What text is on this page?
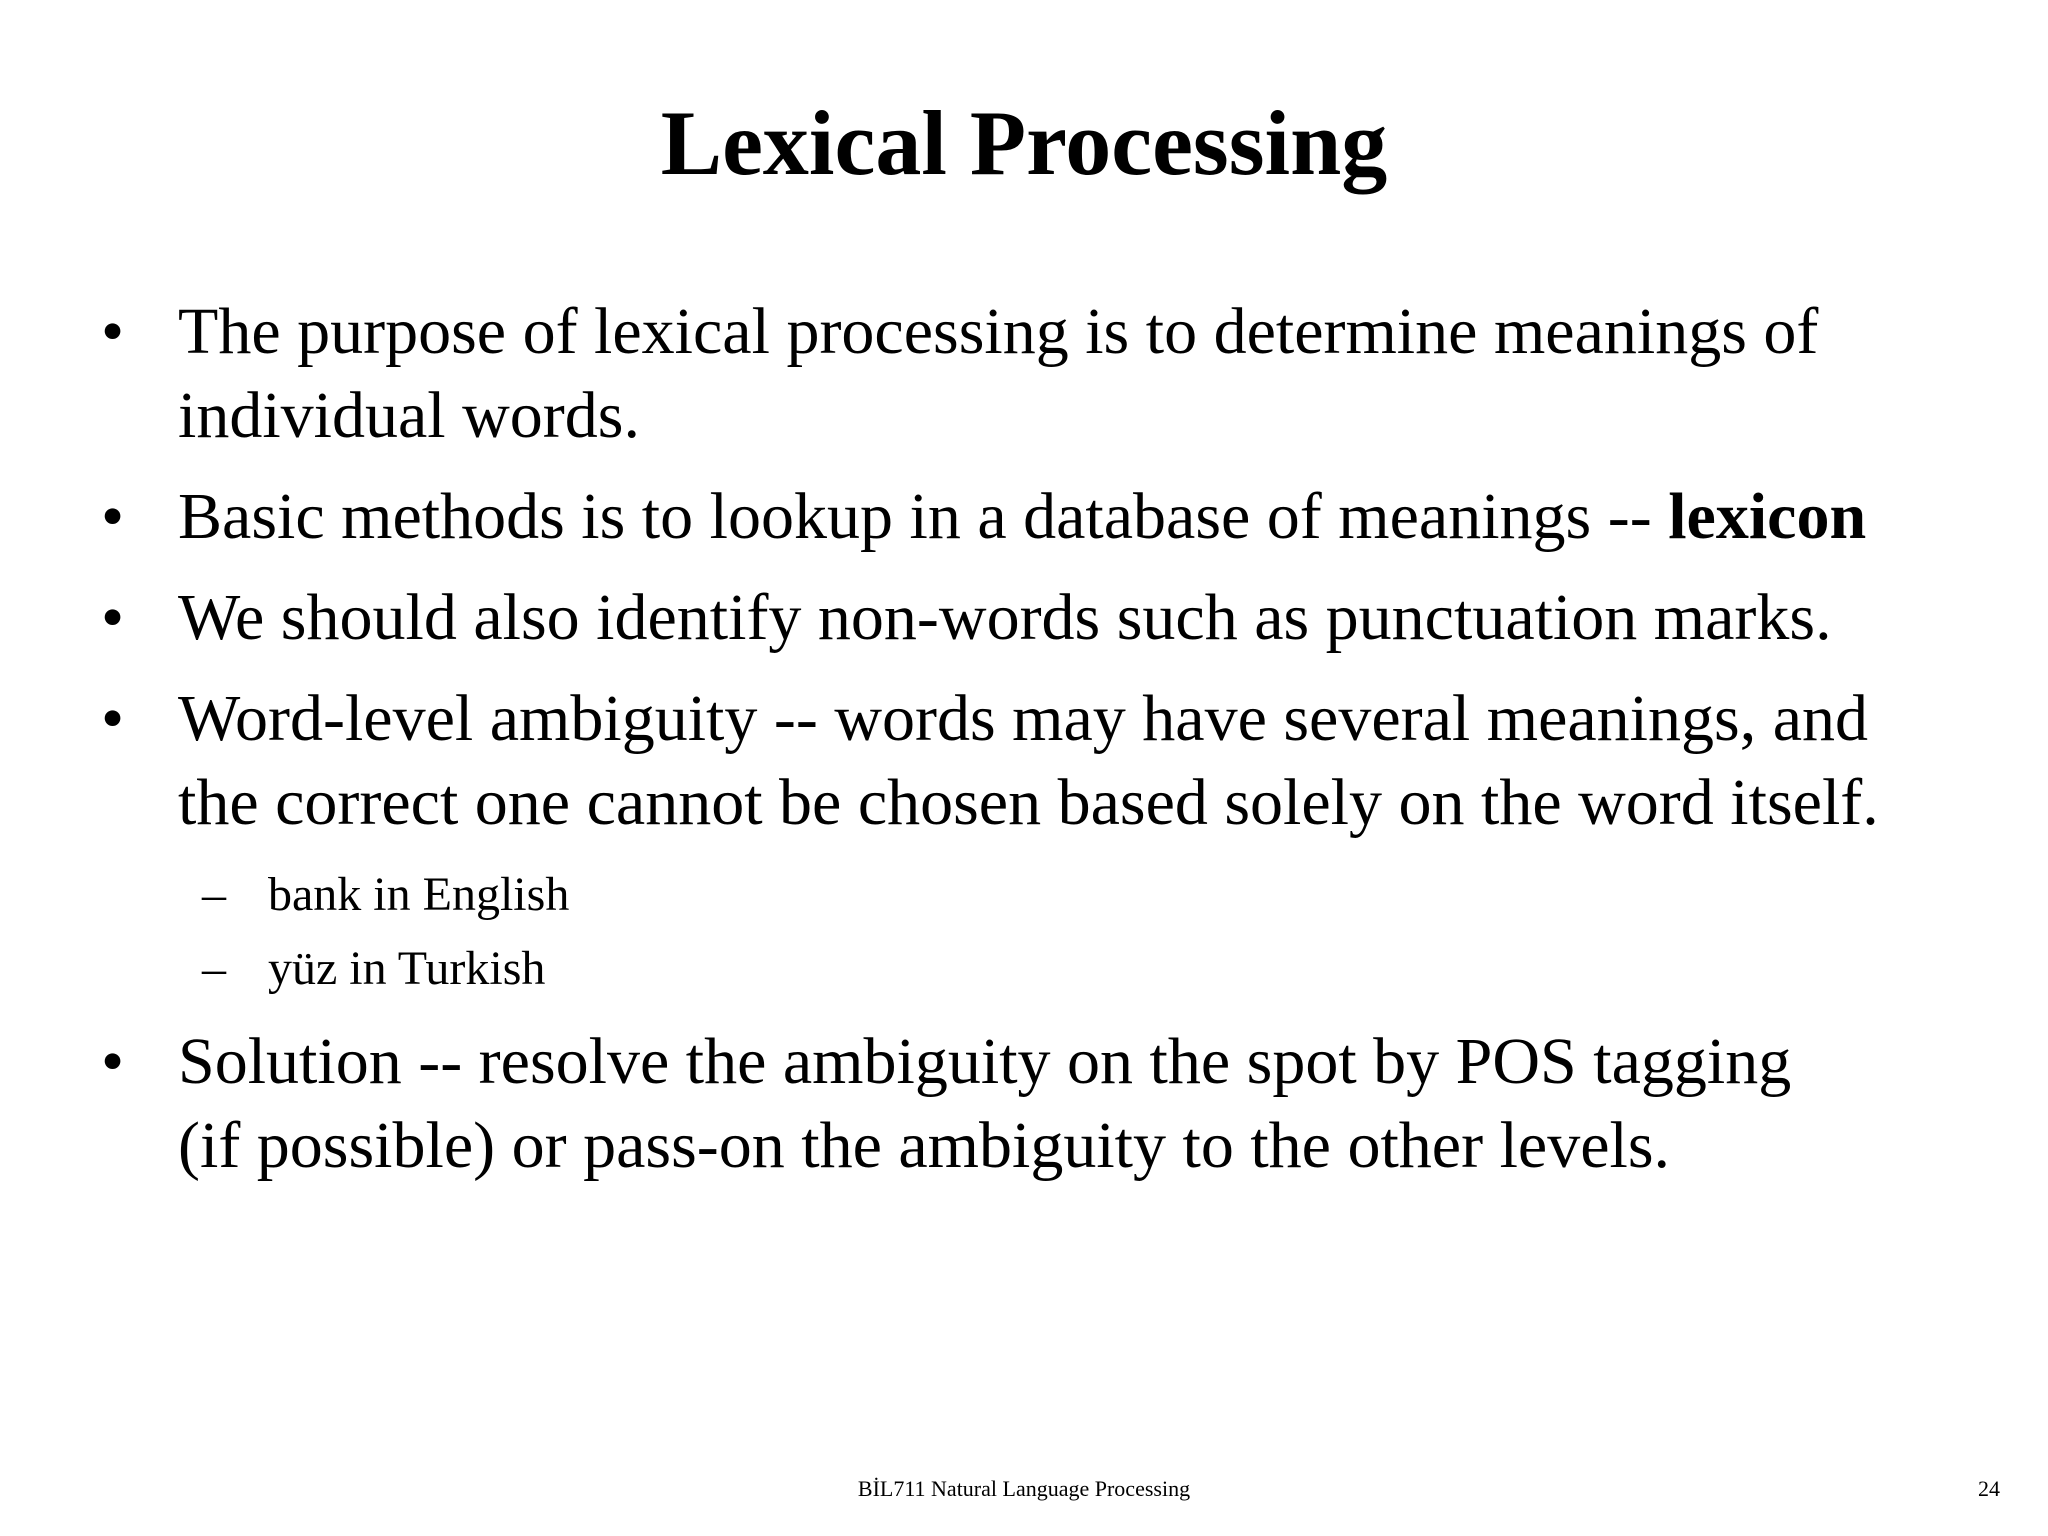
Lexical Processing
• The purpose of lexical processing is to determine meanings of
individual words.
• Basic methods is to lookup in a database of meanings -- lexicon
• We should also identify non-words such as punctuation marks.
• Word-level ambiguity -- words may have several meanings, and
the correct one cannot be chosen based solely on the word itself.
– bank in English
– yüz in Turkish
• Solution -- resolve the ambiguity on the spot by POS tagging
(if possible) or pass-on the ambiguity to the other levels.
BİL711 Natural Language Processing	24
